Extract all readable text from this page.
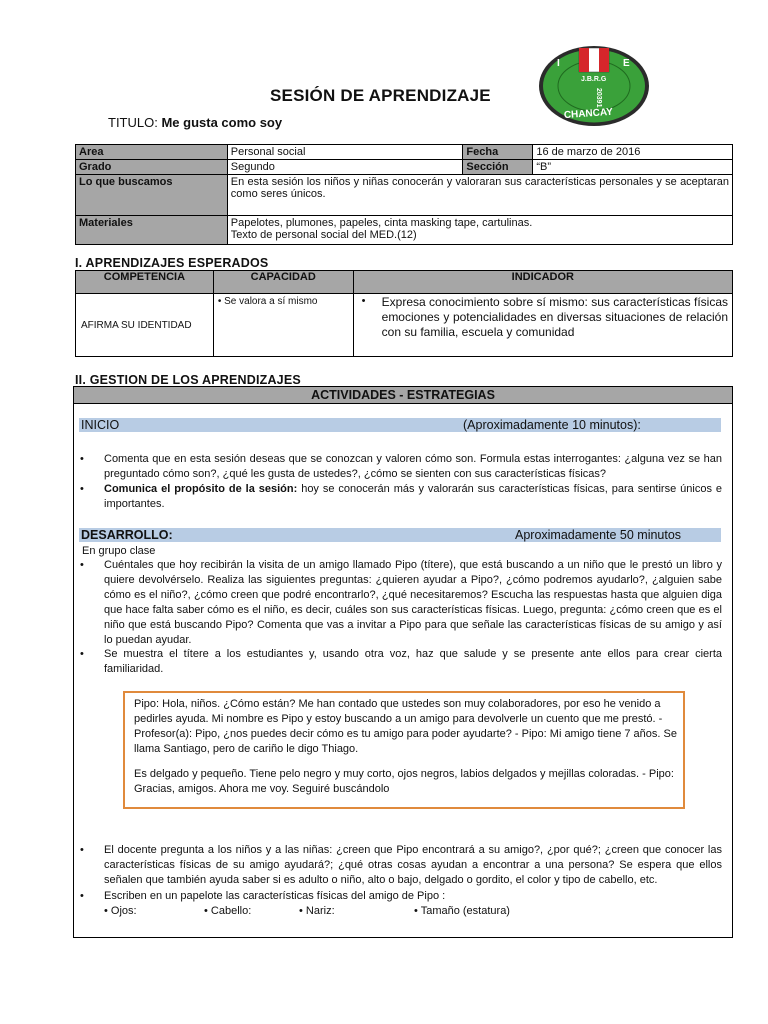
SESIÓN DE APRENDIZAJE
TITULO: Me gusta como soy
I	E
J.B.R.G
20391
CHANCAY
Area	Personal social	Fecha	16 de marzo de 2016
Grado	Segundo	Sección	“B”
Lo que buscamos	En esta sesión los niños y niñas conocerán y valoraran sus características personales y se aceptaran como seres únicos.		
Materiales	Papelotes, plumones, papeles, cinta masking tape, cartulinas.
Texto de personal social del MED.(12)		
I. APRENDIZAJES ESPERADOS
COMPETENCIA	CAPACIDAD	INDICADOR
AFIRMA SU IDENTIDAD	• Se valora a sí mismo	• Expresa conocimiento sobre sí mismo: sus características físicas emociones y potencialidades en diversas situaciones de relación con su familia, escuela y comunidad
II. GESTION DE LOS APRENDIZAJES
ACTIVIDADES - ESTRATEGIAS
INICIO	(Aproximadamente 10 minutos):
• Comenta que en esta sesión deseas que se conozcan y valoren cómo son. Formula estas interrogantes: ¿alguna vez se han preguntado cómo son?, ¿qué les gusta de ustedes?, ¿cómo se sienten con sus características físicas?
• Comunica el propósito de la sesión: hoy se conocerán más y valorarán sus características físicas, para sentirse únicos e importantes.
DESARROLLO:	Aproximadamente 50 minutos
En grupo clase
• Cuéntales que hoy recibirán la visita de un amigo llamado Pipo (títere), que está buscando a un niño que le prestó un libro y quiere devolvérselo. Realiza las siguientes preguntas: ¿quieren ayudar a Pipo?, ¿cómo podremos ayudarlo?, ¿alguien sabe cómo es el niño?, ¿cómo creen que podré encontrarlo?, ¿qué necesitaremos? Escucha las respuestas hasta que alguien diga que hace falta saber cómo es el niño, es decir, cuáles son sus características físicas. Luego, pregunta: ¿cómo creen que es el niño que está buscando Pipo? Comenta que vas a invitar a Pipo para que señale las características físicas de su amigo y así lo puedan ayudar.
• Se muestra el títere a los estudiantes y, usando otra voz, haz que salude y se presente ante ellos para crear cierta familiaridad.
Pipo: Hola, niños. ¿Cómo están? Me han contado que ustedes son muy colaboradores, por eso he venido a pedirles ayuda. Mi nombre es Pipo y estoy buscando a un amigo para devolverle un cuento que me prestó. - Profesor(a): Pipo, ¿nos puedes decir cómo es tu amigo para poder ayudarte? - Pipo: Mi amigo tiene 7 años. Se llama Santiago, pero de cariño le digo Thiago.
Es delgado y pequeño. Tiene pelo negro y muy corto, ojos negros, labios delgados y mejillas coloradas. - Pipo: Gracias, amigos. Ahora me voy. Seguiré buscándolo
• El docente pregunta a los niños y a las niñas: ¿creen que Pipo encontrará a su amigo?, ¿por qué?; ¿creen que conocer las características físicas de su amigo ayudará?; ¿qué otras cosas ayudan a encontrar a una persona? Se espera que ellos señalen que también ayuda saber si es adulto o niño, alto o bajo, delgado o gordito, el color y tipo de cabello, etc.
• Escriben en un papelote las características físicas del amigo de Pipo :
• Ojos:	• Cabello:	• Nariz:	• Tamaño (estatura)
